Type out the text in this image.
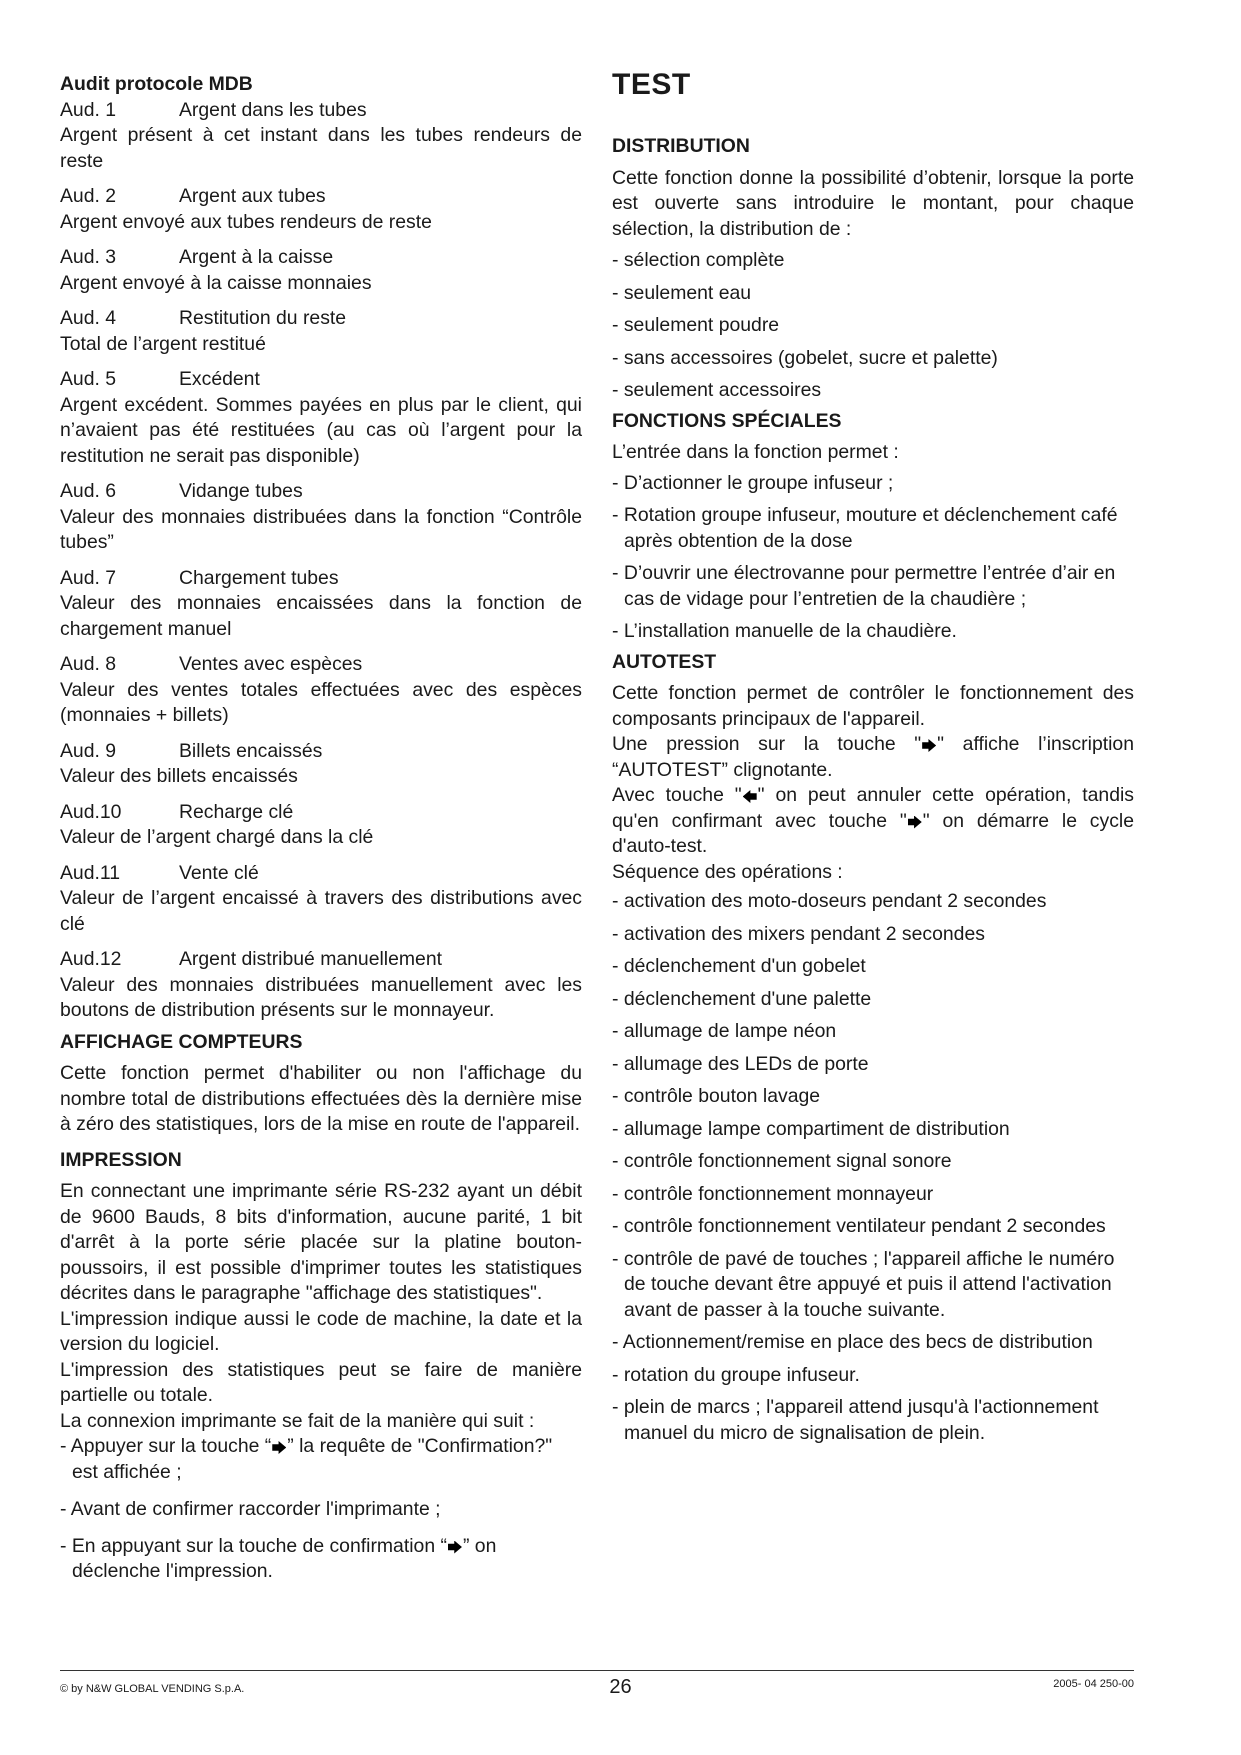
Audit protocole MDB

Aud. 1	Argent dans les tubes

Argent présent à cet instant dans les tubes rendeurs de reste

Aud. 2	Argent aux tubes

Argent envoyé aux tubes rendeurs de reste

Aud. 3	Argent à la caisse

Argent envoyé à la caisse monnaies

Aud. 4	Restitution du reste

Total de l’argent restitué

Aud. 5	Excédent

Argent excédent. Sommes payées en plus par le client, qui n’avaient pas été restituées (au cas où l’argent pour la restitution ne serait pas disponible)

Aud. 6	Vidange tubes

Valeur des monnaies distribuées dans la fonction “Contrôle tubes”

Aud. 7	Chargement tubes

Valeur des monnaies encaissées dans la fonction de chargement manuel

Aud. 8	Ventes avec espèces

Valeur des ventes totales effectuées avec des espèces (monnaies + billets)

Aud. 9	Billets encaissés

Valeur des billets encaissés

Aud.10	Recharge clé

Valeur de l’argent chargé dans la clé

Aud.11	Vente clé

Valeur de l’argent encaissé à travers des distributions avec clé

Aud.12	Argent distribué manuellement

Valeur des monnaies distribuées manuellement avec les boutons de distribution présents sur le monnayeur.

AFFICHAGE COMPTEURS

Cette fonction permet d'habiliter ou non l'affichage du nombre total de distributions effectuées dès la dernière mise à zéro des statistiques, lors de la mise en route de l'appareil.

IMPRESSION

En connectant une imprimante série RS-232 ayant un débit de 9600 Bauds, 8 bits d'information, aucune parité, 1 bit d'arrêt à la porte série placée sur la platine bouton-poussoirs, il est possible d'imprimer toutes les statistiques décrites dans le paragraphe "affichage des statistiques".

L'impression indique aussi le code de machine, la date et la version du logiciel.

L'impression des statistiques peut se faire de manière partielle ou totale.

La connexion imprimante se fait de la manière qui suit :

- Appuyer sur la touche “ ” la requête de "Confirmation?" est affichée ;

- Avant de confirmer raccorder l'imprimante ;

- En appuyant sur la touche de confirmation “ ” on déclenche l'impression.

TEST

DISTRIBUTION

Cette fonction donne la possibilité d’obtenir, lorsque la porte est ouverte sans introduire le montant, pour chaque sélection, la distribution de :

- sélection complète

- seulement eau

- seulement poudre

- sans accessoires (gobelet, sucre et palette)

- seulement accessoires

FONCTIONS SPÉCIALES

L’entrée dans la fonction permet :

- D’actionner le groupe infuseur ;

- Rotation groupe infuseur, mouture et déclenchement café après obtention de la dose

- D’ouvrir une électrovanne pour permettre l’entrée d’air en cas de vidage pour l’entretien de la chaudière ;

- L’installation manuelle de la chaudière.

AUTOTEST

Cette fonction permet de contrôler le fonctionnement des composants principaux de l'appareil.

Une pression sur la touche " " affiche l’inscription “AUTOTEST” clignotante.

Avec touche " " on peut annuler cette opération, tandis qu'en confirmant avec touche " " on démarre le cycle d'auto-test.

Séquence des opérations :

- activation des moto-doseurs pendant 2 secondes

- activation des mixers pendant 2 secondes

- déclenchement d'un gobelet

- déclenchement d'une palette

- allumage de lampe néon

- allumage des LEDs de porte

- contrôle bouton lavage

- allumage lampe compartiment de distribution

- contrôle fonctionnement signal sonore

- contrôle fonctionnement monnayeur

- contrôle fonctionnement ventilateur pendant 2 secondes

- contrôle de pavé de touches ; l'appareil affiche le numéro de touche devant être appuyé et puis il attend l'activation avant de passer à la touche suivante.

- Actionnement/remise en place des becs de distribution

- rotation du groupe infuseur.

- plein de marcs ; l'appareil attend jusqu'à l'actionnement manuel du micro de signalisation de plein.

© by N&W GLOBAL VENDING S.p.A.	26	2005- 04 250-00
